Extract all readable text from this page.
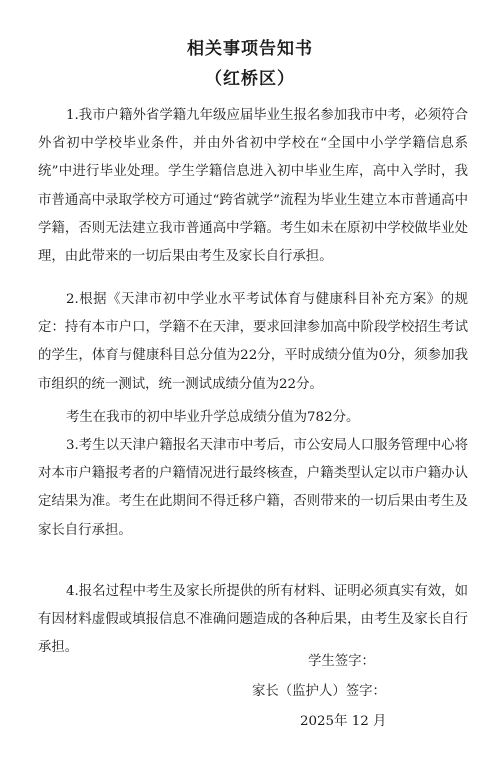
相关事项告知书
（红桥区）

1.我市户籍外省学籍九年级应届毕业生报名参加我市中考，必须符合外省初中学校毕业条件，并由外省初中学校在“全国中小学学籍信息系统”中进行毕业处理。学生学籍信息进入初中毕业生库，高中入学时，我市普通高中录取学校方可通过“跨省就学”流程为毕业生建立本市普通高中学籍，否则无法建立我市普通高中学籍。考生如未在原初中学校做毕业处理，由此带来的一切后果由考生及家长自行承担。

2.根据《天津市初中学业水平考试体育与健康科目补充方案》的规定：持有本市户口，学籍不在天津，要求回津参加高中阶段学校招生考试的学生，体育与健康科目总分值为22分，平时成绩分值为0分，须参加我市组织的统一测试，统一测试成绩分值为22分。

考生在我市的初中毕业升学总成绩分值为782分。

3.考生以天津户籍报名天津市中考后，市公安局人口服务管理中心将对本市户籍报考者的户籍情况进行最终核查，户籍类型认定以市户籍办认定结果为准。考生在此期间不得迁移户籍，否则带来的一切后果由考生及家长自行承担。

4.报名过程中考生及家长所提供的所有材料、证明必须真实有效，如有因材料虚假或填报信息不准确问题造成的各种后果，由考生及家长自行承担。

学生签字：
家长（监护人）签字：
2025年 12 月
